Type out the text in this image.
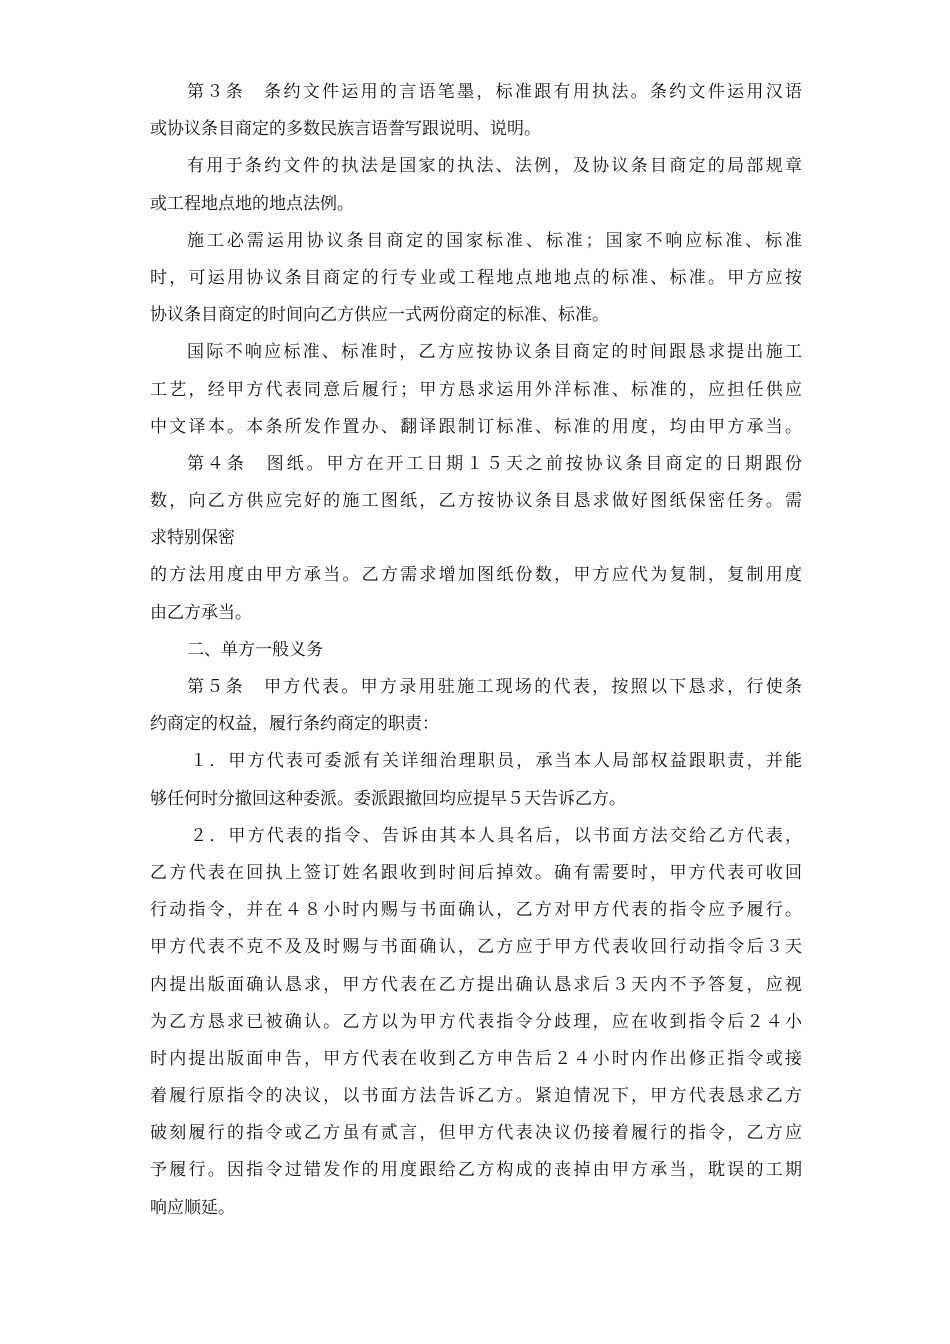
第３条　条约文件运用的言语笔墨，标准跟有用执法。条约文件运用汉语
或协议条目商定的多数民族言语誊写跟说明、说明。
有用于条约文件的执法是国家的执法、法例，及协议条目商定的局部规章
或工程地点地的地点法例。
施工必需运用协议条目商定的国家标准、标准；国家不响应标准、标准
时，可运用协议条目商定的行专业或工程地点地地点的标准、标准。甲方应按
协议条目商定的时间向乙方供应一式两份商定的标准、标准。
国际不响应标准、标准时，乙方应按协议条目商定的时间跟恳求提出施工
工艺，经甲方代表同意后履行；甲方恳求运用外洋标准、标准的，应担任供应
中文译本。本条所发作置办、翻译跟制订标准、标准的用度，均由甲方承当。
第４条　图纸。甲方在开工日期１５天之前按协议条目商定的日期跟份
数，向乙方供应完好的施工图纸，乙方按协议条目恳求做好图纸保密任务。需
求特别保密
的方法用度由甲方承当。乙方需求增加图纸份数，甲方应代为复制，复制用度
由乙方承当。
二、单方一般义务
第５条　甲方代表。甲方录用驻施工现场的代表，按照以下恳求，行使条
约商定的权益，履行条约商定的职责：
１．甲方代表可委派有关详细治理职员，承当本人局部权益跟职责，并能
够任何时分撤回这种委派。委派跟撤回均应提早５天告诉乙方。
２．甲方代表的指令、告诉由其本人具名后，以书面方法交给乙方代表，
乙方代表在回执上签订姓名跟收到时间后掉效。确有需要时，甲方代表可收回
行动指令，并在４８小时内赐与书面确认，乙方对甲方代表的指令应予履行。
甲方代表不克不及及时赐与书面确认，乙方应于甲方代表收回行动指令后３天
内提出版面确认恳求，甲方代表在乙方提出确认恳求后３天内不予答复，应视
为乙方恳求已被确认。乙方以为甲方代表指令分歧理，应在收到指令后２４小
时内提出版面申告，甲方代表在收到乙方申告后２４小时内作出修正指令或接
着履行原指令的决议，以书面方法告诉乙方。紧迫情况下，甲方代表恳求乙方
破刻履行的指令或乙方虽有贰言，但甲方代表决议仍接着履行的指令，乙方应
予履行。因指令过错发作的用度跟给乙方构成的丧掉由甲方承当，耽误的工期
响应顺延。
